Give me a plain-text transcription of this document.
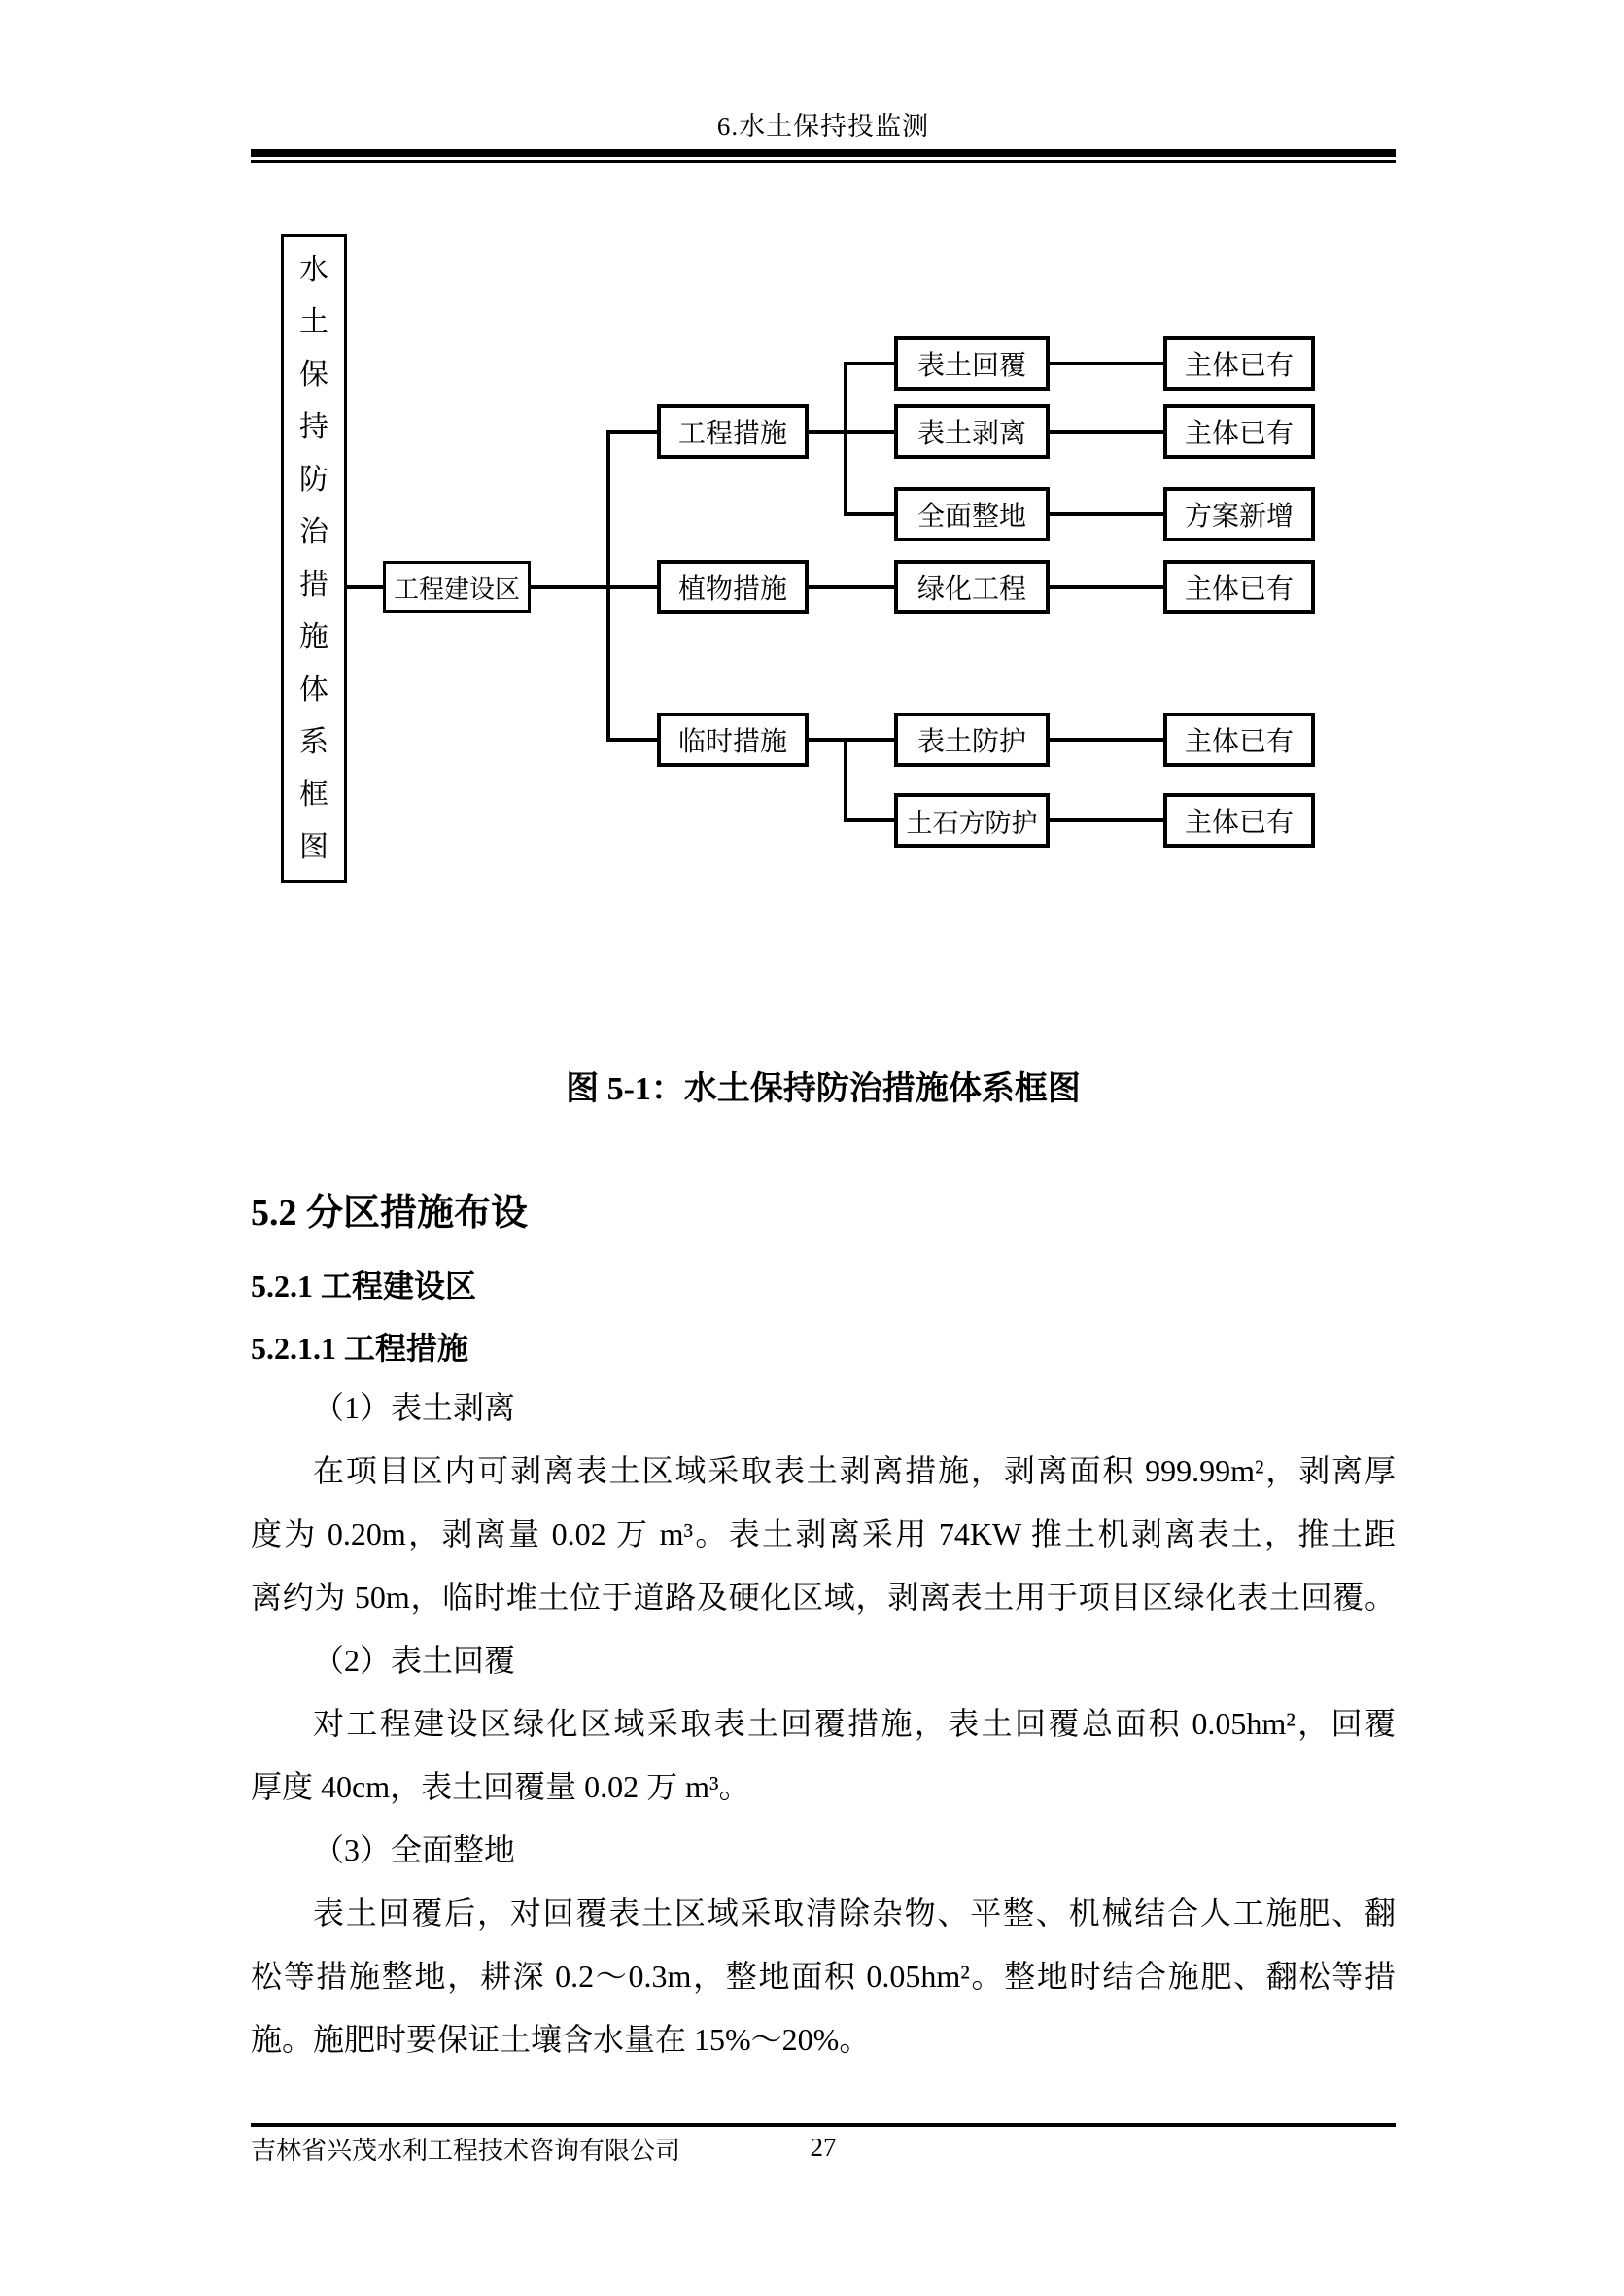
6.水土保持投监测
水土保持防治措施体系框图
工程建设区
工程措施
植物措施
临时措施
表土回覆
表土剥离
全面整地
绿化工程
表土防护
土石方防护
主体已有
主体已有
方案新增
主体已有
主体已有
主体已有
图 5-1：水土保持防治措施体系框图
5.2 分区措施布设
5.2.1 工程建设区
5.2.1.1 工程措施
（1）表土剥离
在项目区内可剥离表土区域采取表土剥离措施，剥离面积 999.99m²，剥离厚
度为 0.20m，剥离量 0.02 万 m³。表土剥离采用 74KW 推土机剥离表土，推土距
离约为 50m，临时堆土位于道路及硬化区域，剥离表土用于项目区绿化表土回覆。
（2）表土回覆
对工程建设区绿化区域采取表土回覆措施，表土回覆总面积 0.05hm²，回覆
厚度 40cm，表土回覆量 0.02 万 m³。
（3）全面整地
表土回覆后，对回覆表土区域采取清除杂物、平整、机械结合人工施肥、翻
松等措施整地，耕深 0.2～0.3m，整地面积 0.05hm²。整地时结合施肥、翻松等措
施。施肥时要保证土壤含水量在 15%～20%。
吉林省兴茂水利工程技术咨询有限公司	27
